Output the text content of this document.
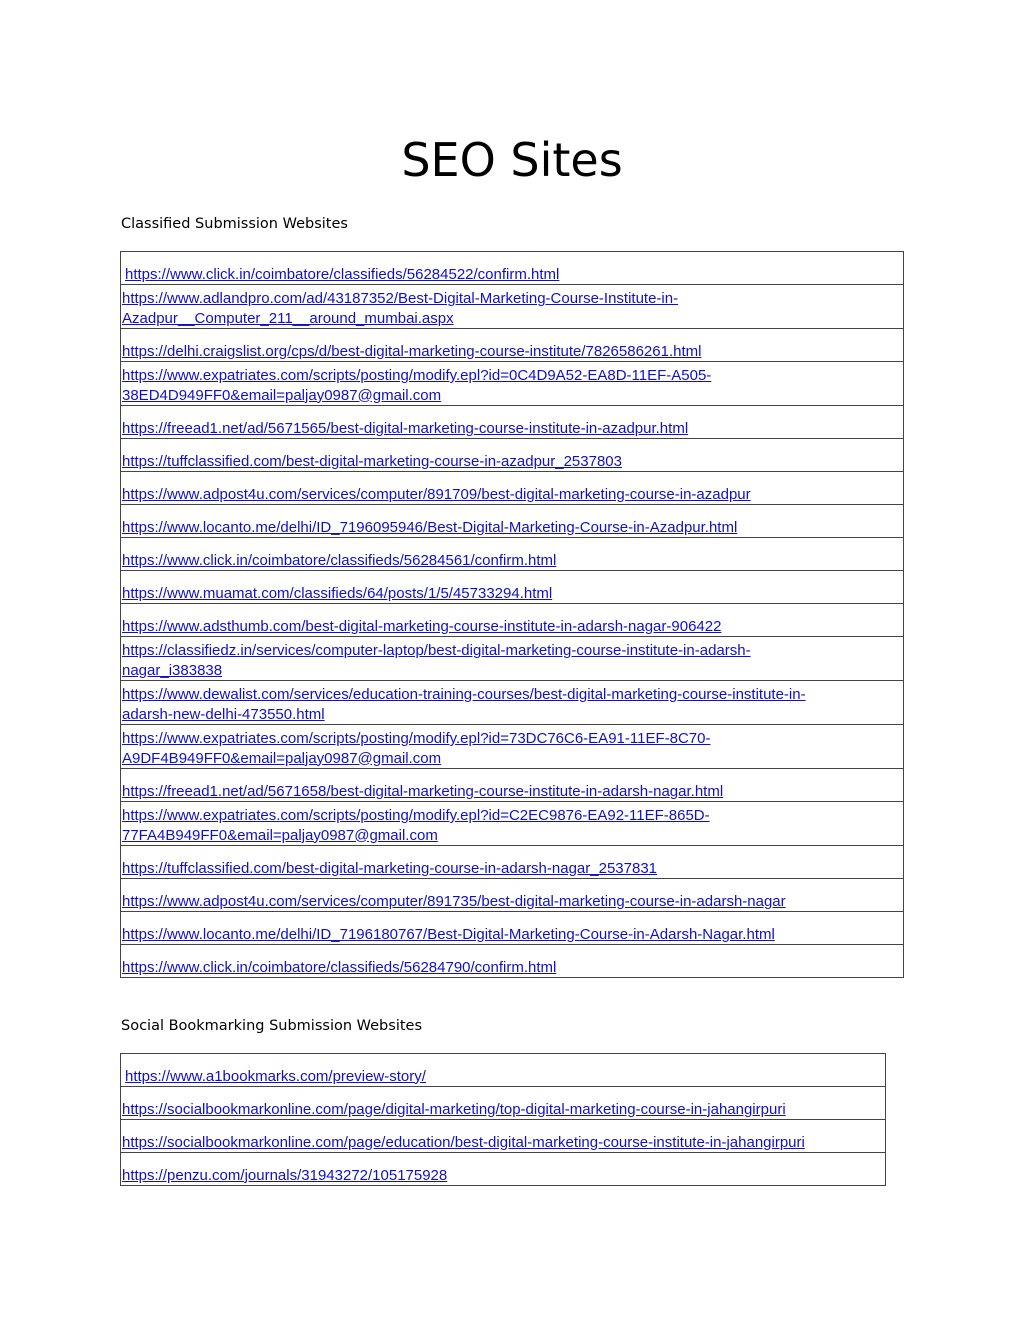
SEO Sites
Classified Submission Websites
https://www.click.in/coimbatore/classifieds/56284522/confirm.html

https://www.adlandpro.com/ad/43187352/Best-Digital-Marketing-Course-Institute-in-
Azadpur__Computer_211__around_mumbai.aspx

https://delhi.craigslist.org/cps/d/best-digital-marketing-course-institute/7826586261.html

https://www.expatriates.com/scripts/posting/modify.epl?id=0C4D9A52-EA8D-11EF-A505-
38ED4D949FF0&email=paljay0987@gmail.com

https://freead1.net/ad/5671565/best-digital-marketing-course-institute-in-azadpur.html

https://tuffclassified.com/best-digital-marketing-course-in-azadpur_2537803

https://www.adpost4u.com/services/computer/891709/best-digital-marketing-course-in-azadpur

https://www.locanto.me/delhi/ID_7196095946/Best-Digital-Marketing-Course-in-Azadpur.html

https://www.click.in/coimbatore/classifieds/56284561/confirm.html

https://www.muamat.com/classifieds/64/posts/1/5/45733294.html

https://www.adsthumb.com/best-digital-marketing-course-institute-in-adarsh-nagar-906422

https://classifiedz.in/services/computer-laptop/best-digital-marketing-course-institute-in-adarsh-
nagar_i383838

https://www.dewalist.com/services/education-training-courses/best-digital-marketing-course-institute-in-
adarsh-new-delhi-473550.html

https://www.expatriates.com/scripts/posting/modify.epl?id=73DC76C6-EA91-11EF-8C70-
A9DF4B949FF0&email=paljay0987@gmail.com

https://freead1.net/ad/5671658/best-digital-marketing-course-institute-in-adarsh-nagar.html

https://www.expatriates.com/scripts/posting/modify.epl?id=C2EC9876-EA92-11EF-865D-
77FA4B949FF0&email=paljay0987@gmail.com

https://tuffclassified.com/best-digital-marketing-course-in-adarsh-nagar_2537831

https://www.adpost4u.com/services/computer/891735/best-digital-marketing-course-in-adarsh-nagar

https://www.locanto.me/delhi/ID_7196180767/Best-Digital-Marketing-Course-in-Adarsh-Nagar.html

https://www.click.in/coimbatore/classifieds/56284790/confirm.html
Social Bookmarking Submission Websites
https://www.a1bookmarks.com/preview-story/

https://socialbookmarkonline.com/page/digital-marketing/top-digital-marketing-course-in-jahangirpuri

https://socialbookmarkonline.com/page/education/best-digital-marketing-course-institute-in-jahangirpuri

https://penzu.com/journals/31943272/105175928
